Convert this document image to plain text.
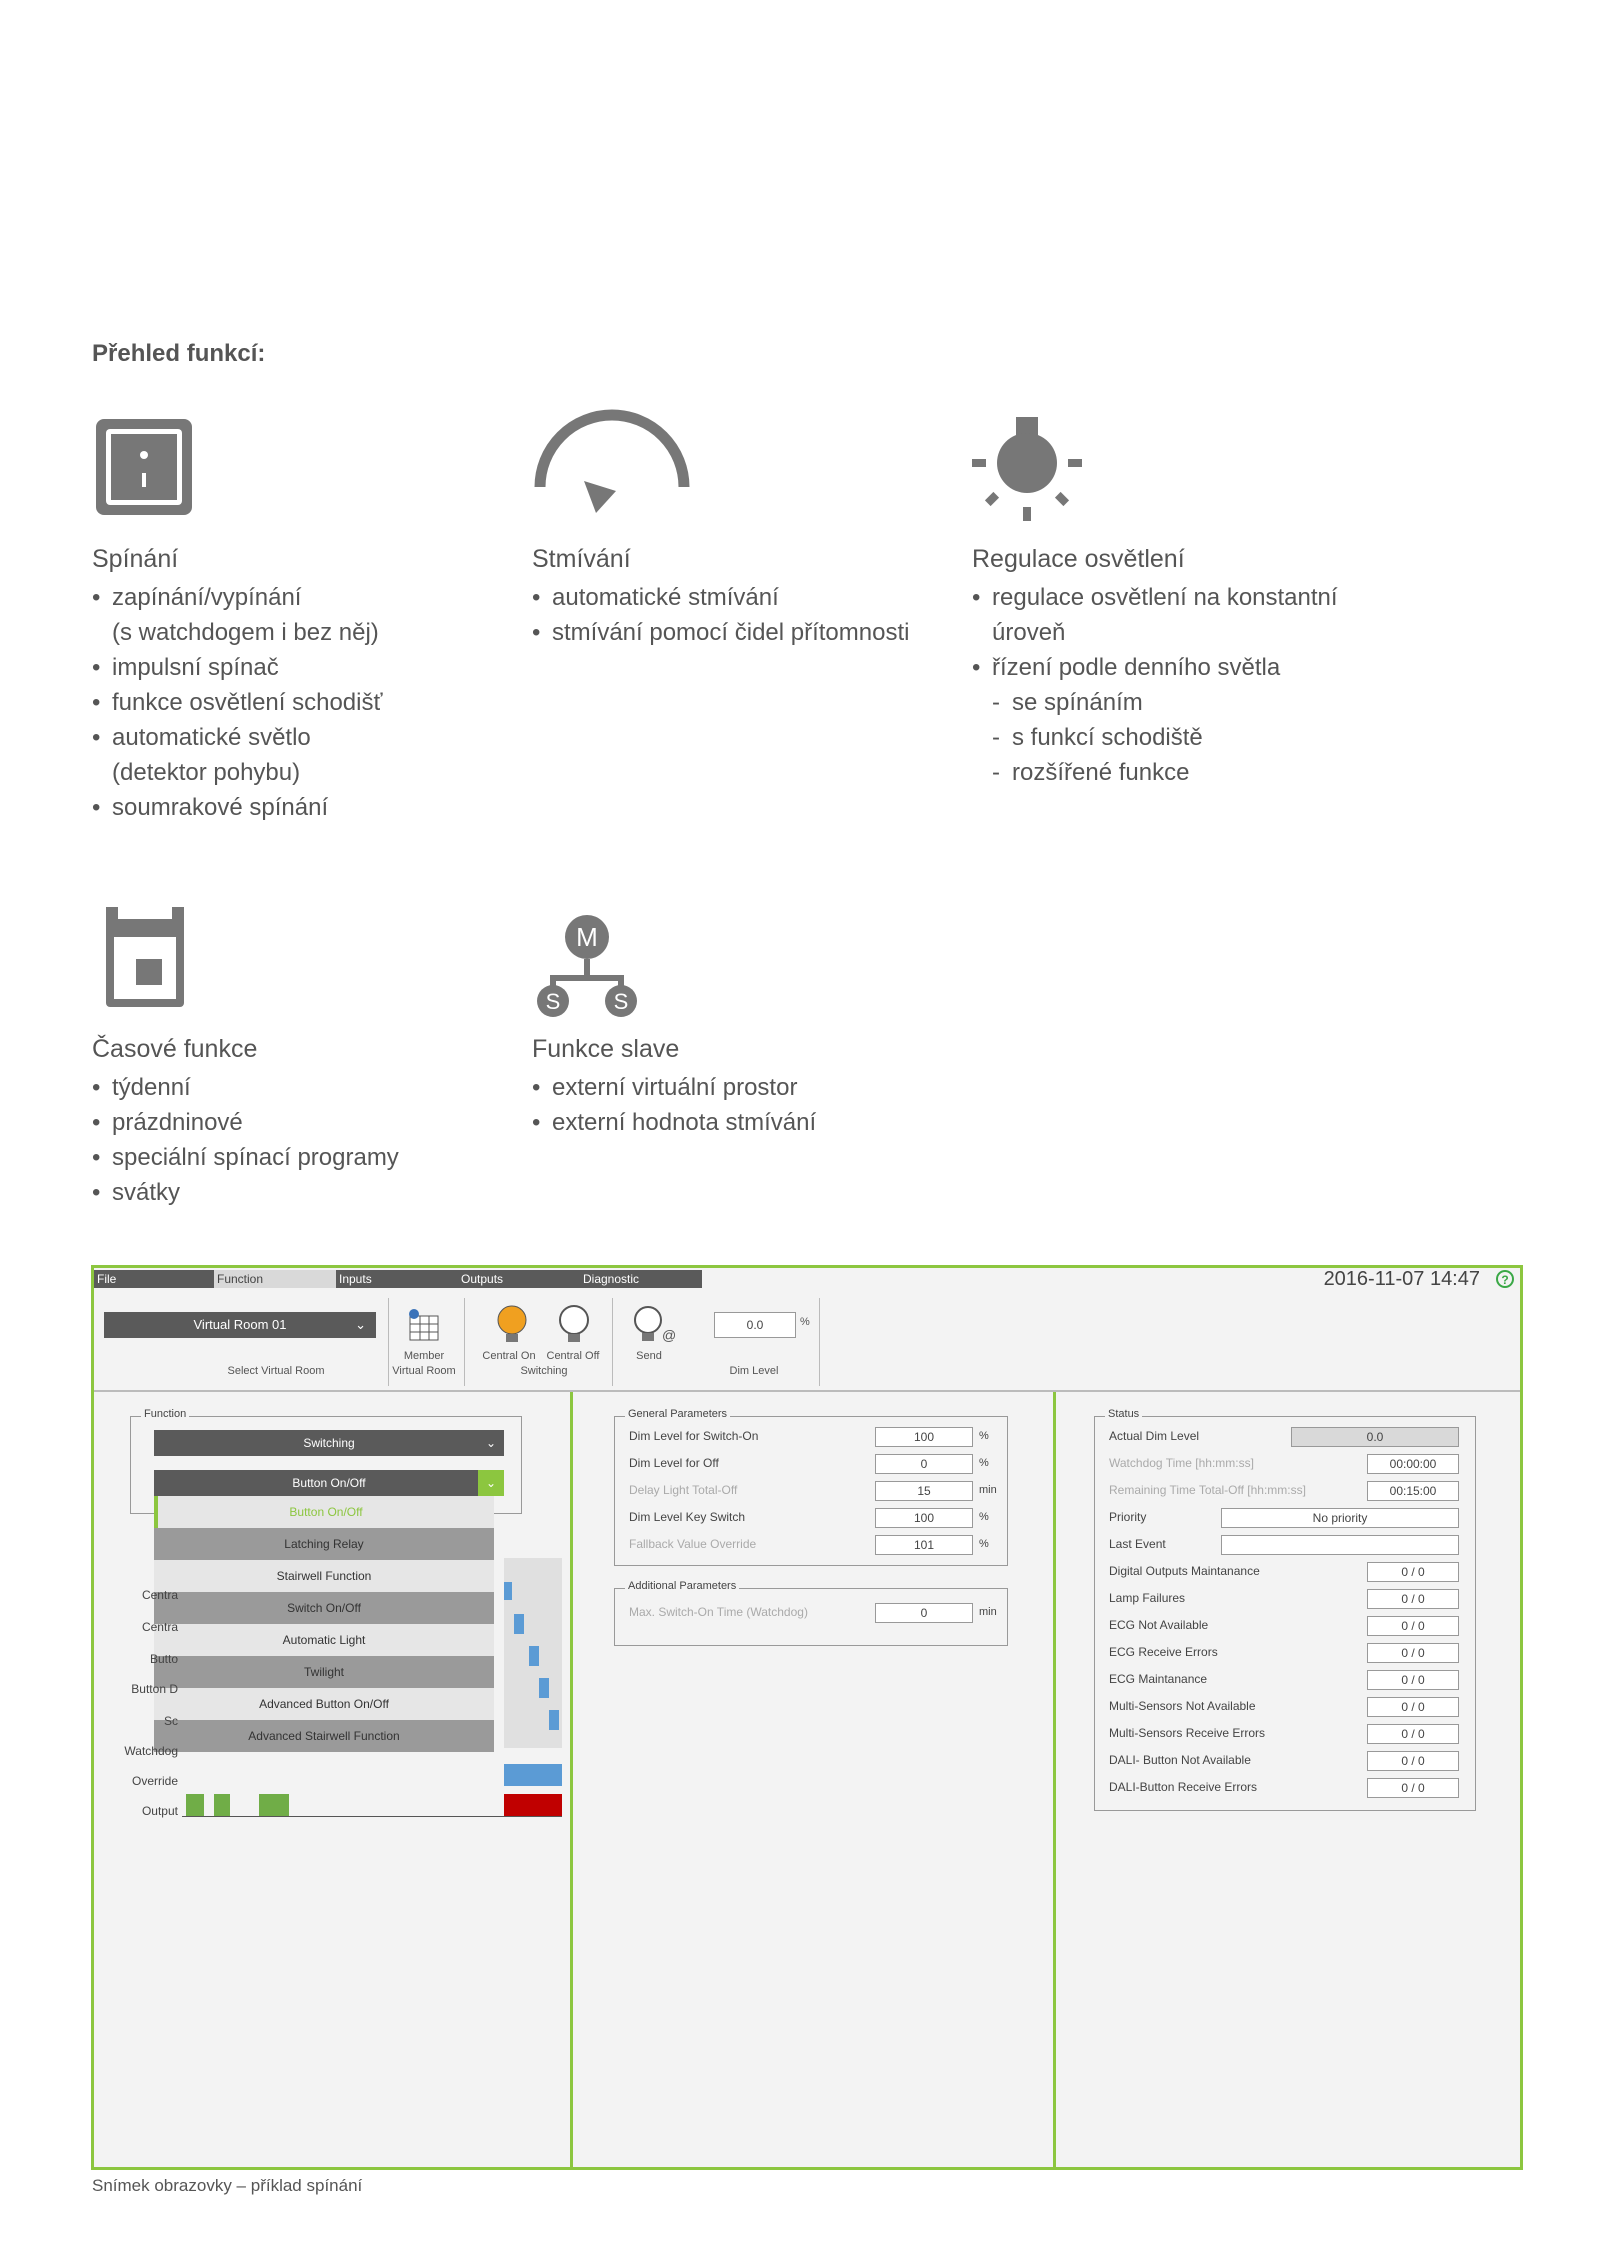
Přehled funkcí:
Spínání
• zapínání/vypínání
(s watchdogem i bez něj)
• impulsní spínač
• funkce osvětlení schodišť
• automatické světlo
(detektor pohybu)
• soumrakové spínání
Stmívání
• automatické stmívání
• stmívání pomocí čidel přítomnosti
Regulace osvětlení
• regulace osvětlení na konstantní
úroveň
• řízení podle denního světla
- se spínáním
- s funkcí schodiště
- rozšířené funkce
Časové funkce
• týdenní
• prázdninové
• speciální spínací programy
• svátky
M
S S
Funkce slave
• externí virtuální prostor
• externí hodnota stmívání
File	Function	Inputs	Outputs	Diagnostic	2016-11-07 14:47	?
Virtual Room 01	⌄
Select Virtual Room
Member
Virtual Room
Central On Central Off
Switching
@
Send
0.0	%
Dim Level
Function
Switching	⌄
Button On/Off	⌄
Button On/Off
Latching Relay
Stairwell Function
Switch On/Off
Automatic Light
Twilight
Advanced Button On/Off
Advanced Stairwell Function
Centra
Centra
Butto
Button D
Sc
Watchdog
Override
Output
General Parameters
Dim Level for Switch-On	100	%
Dim Level for Off	0	%
Delay Light Total-Off	15	min
Dim Level Key Switch	100	%
Fallback Value Override	101	%
Additional Parameters
Max. Switch-On Time (Watchdog)	0	min
Status
Actual Dim Level	0.0
Watchdog Time [hh:mm:ss]	00:00:00
Remaining Time Total-Off [hh:mm:ss]	00:15:00
Priority	No priority
Last Event
Digital Outputs Maintanance	0 / 0
Lamp Failures	0 / 0
ECG Not Available	0 / 0
ECG Receive Errors	0 / 0
ECG Maintanance	0 / 0
Multi-Sensors Not Available	0 / 0
Multi-Sensors Receive Errors	0 / 0
DALI- Button Not Available	0 / 0
DALI-Button Receive Errors	0 / 0
Snímek obrazovky – příklad spínání
